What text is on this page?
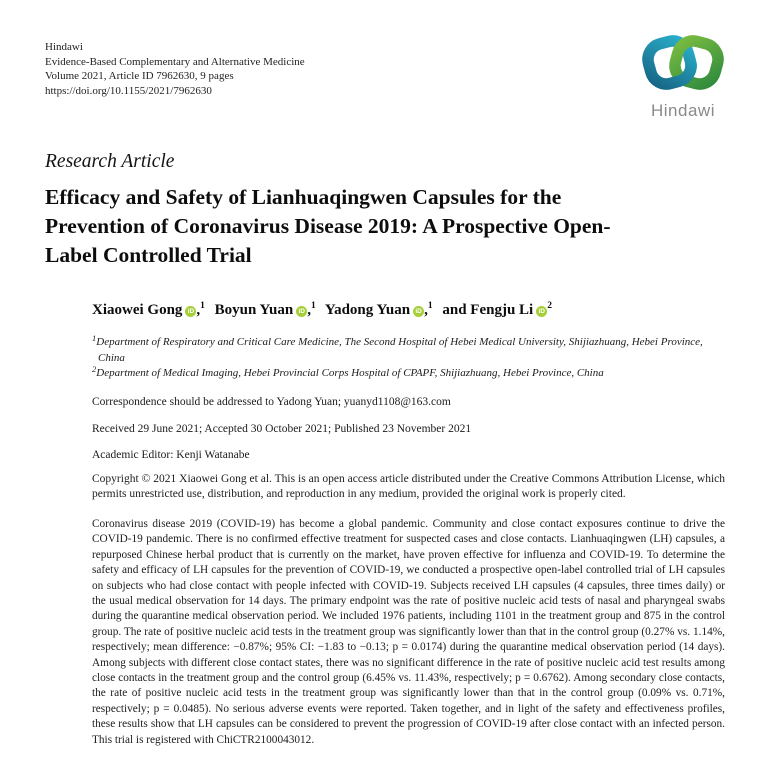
Hindawi
Evidence-Based Complementary and Alternative Medicine
Volume 2021, Article ID 7962630, 9 pages
https://doi.org/10.1155/2021/7962630
Hindawi
Research Article
Efficacy and Safety of Lianhuaqingwen Capsules for the Prevention of Coronavirus Disease 2019: A Prospective Open-Label Controlled Trial
Xiaowei Gong iD ,$^1$ Boyun Yuan iD ,$^1$ Yadong Yuan iD ,$^1$ and Fengju Li $iD^2$
$^1$Department of Respiratory and Critical Care Medicine, The Second Hospital of Hebei Medical University, Shijiazhuang, Hebei Province, China
$^2$Department of Medical Imaging, Hebei Provincial Corps Hospital of CPAPF, Shijiazhuang, Hebei Province, China

Correspondence should be addressed to Yadong Yuan; yuanyd1108@163.com

Received 29 June 2021; Accepted 30 October 2021; Published 23 November 2021

Academic Editor: Kenji Watanabe

Copyright © 2021 Xiaowei Gong et al. This is an open access article distributed under the Creative Commons Attribution License, which permits unrestricted use, distribution, and reproduction in any medium, provided the original work is properly cited.

Coronavirus disease 2019 (COVID-19) has become a global pandemic. Community and close contact exposures continue to drive the COVID-19 pandemic. There is no confirmed effective treatment for suspected cases and close contacts. Lianhuaqingwen (LH) capsules, a repurposed Chinese herbal product that is currently on the market, have proven effective for influenza and COVID-19. To determine the safety and efficacy of LH capsules for the prevention of COVID-19, we conducted a prospective open-label controlled trial of LH capsules on subjects who had close contact with people infected with COVID-19. Subjects received LH capsules (4 capsules, three times daily) or the usual medical observation for 14 days. The primary endpoint was the rate of positive nucleic acid tests of nasal and pharyngeal swabs during the quarantine medical observation period. We included 1976 patients, including 1101 in the treatment group and 875 in the control group. The rate of positive nucleic acid tests in the treatment group was significantly lower than that in the control group (0.27% vs. 1.14%, respectively; mean difference: −0.87%; 95% CI: −1.83 to −0.13; p = 0.0174) during the quarantine medical observation period (14 days). Among subjects with different close contact states, there was no significant difference in the rate of positive nucleic acid test results among close contacts in the treatment group and the control group (6.45% vs. 11.43%, respectively; p = 0.6762). Among secondary close contacts, the rate of positive nucleic acid tests in the treatment group was significantly lower than that in the control group (0.09% vs. 0.71%, respectively; p = 0.0485). No serious adverse events were reported. Taken together, and in light of the safety and effectiveness profiles, these results show that LH capsules can be considered to prevent the progression of COVID-19 after close contact with an infected person. This trial is registered with ChiCTR2100043012.
